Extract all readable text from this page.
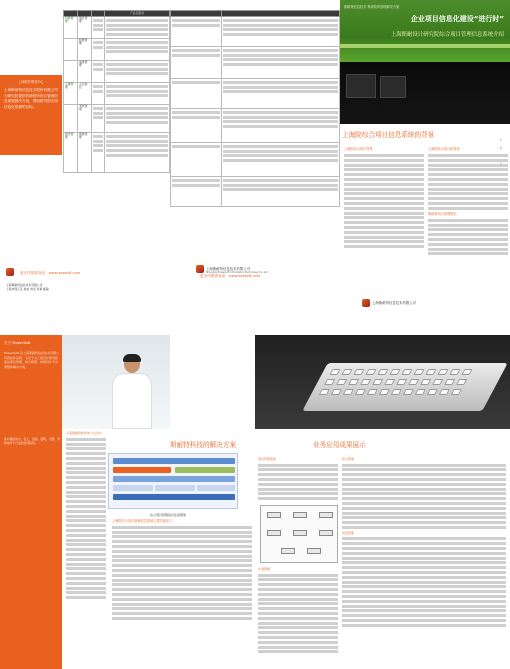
			产品及服务
科研管理	项目管理	

	经费管理	

	成果管理	

人事管理	人员信息	

	考核管理	

财务管理	预算管理	

上海软件研发中心
上海斯耐特信息技术股份有限公司为研究院提供科研院所综合管理信息系统解决方案，帮助研究院实现信息化管理的目标。
更多详情请登录：www.saesoft.com
上海斯耐特信息技术有限公司
上海市徐汇区 地址 电话 传真 邮编

上海斯耐特信息技术有限公司
Shanghai Powersoft Information Technology Co.,Ltd
更多详情请登录：www.saesoft.com
斯耐特信息技术 科研院所管理解决方案
企业项目信息化建设“进行时”
上海斯耐设计研究院综合项目管理信息系统介绍
上海院综合项目管理信息系统的背景 1
斯耐特科技的解决方案 2
上海院综合项目信息系统的背景
上海院综合项目背景	上海院综合项目的需求
斯耐特项目管理理念
上海斯耐特信息技术有限公司
关于 PowerSoft
PowerSoft 是上海斯耐特信息技术有限公司的软件品牌，专注于为工程设计研究院提供项目管理、综合管理、协同设计平台等整体解决方案。
客户遍及电力、化工、冶金、建筑、交通、市政等多个行业的设计院所。
上海斯耐特软件的“全业务”
斯耐特科技的解决方案
综合项目管理信息系统框架
上海院综合项目管理信息系统主要功能如下：
业务应用成果展示
项目管理流程
计划管理
综合管理
质量管理
